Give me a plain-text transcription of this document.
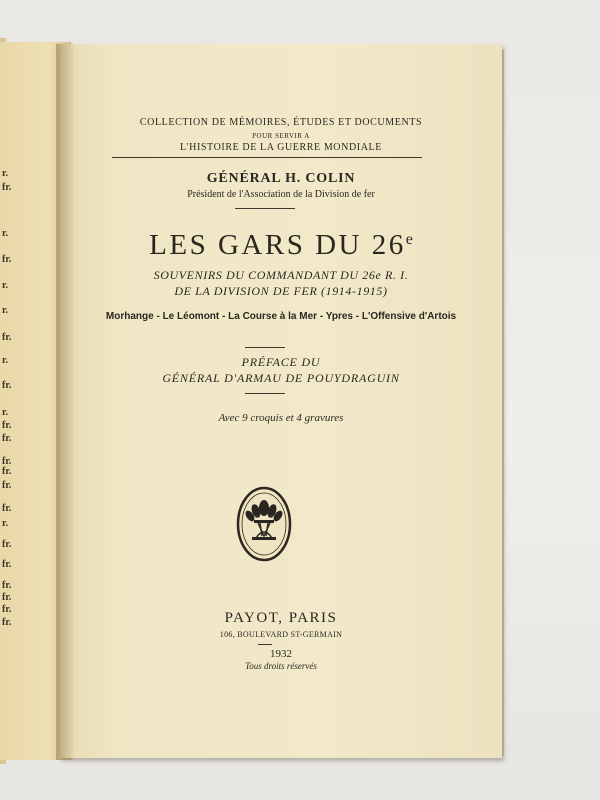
r.
fr.
r.
fr.
r.
r.
fr.
r.
fr.
r.
fr.
fr.
fr.
fr.
fr.
fr.
r.
fr.
fr.
fr.
fr.
fr.
fr.
COLLECTION DE MÉMOIRES, ÉTUDES ET DOCUMENTS
POUR SERVIR A
L'HISTOIRE DE LA GUERRE MONDIALE
GÉNÉRAL H. COLIN
Président de l'Association de la Division de fer
LES GARS DU 26e
SOUVENIRS DU COMMANDANT DU 26e R. I.
DE LA DIVISION DE FER (1914-1915)
Morhange - Le Léomont - La Course à la Mer - Ypres - L'Offensive d'Artois
PRÉFACE DU
GÉNÉRAL D'ARMAU DE POUYDRAGUIN
Avec 9 croquis et 4 gravures
PAYOT, PARIS
106, BOULEVARD ST-GERMAIN
1932
Tous droits réservés
